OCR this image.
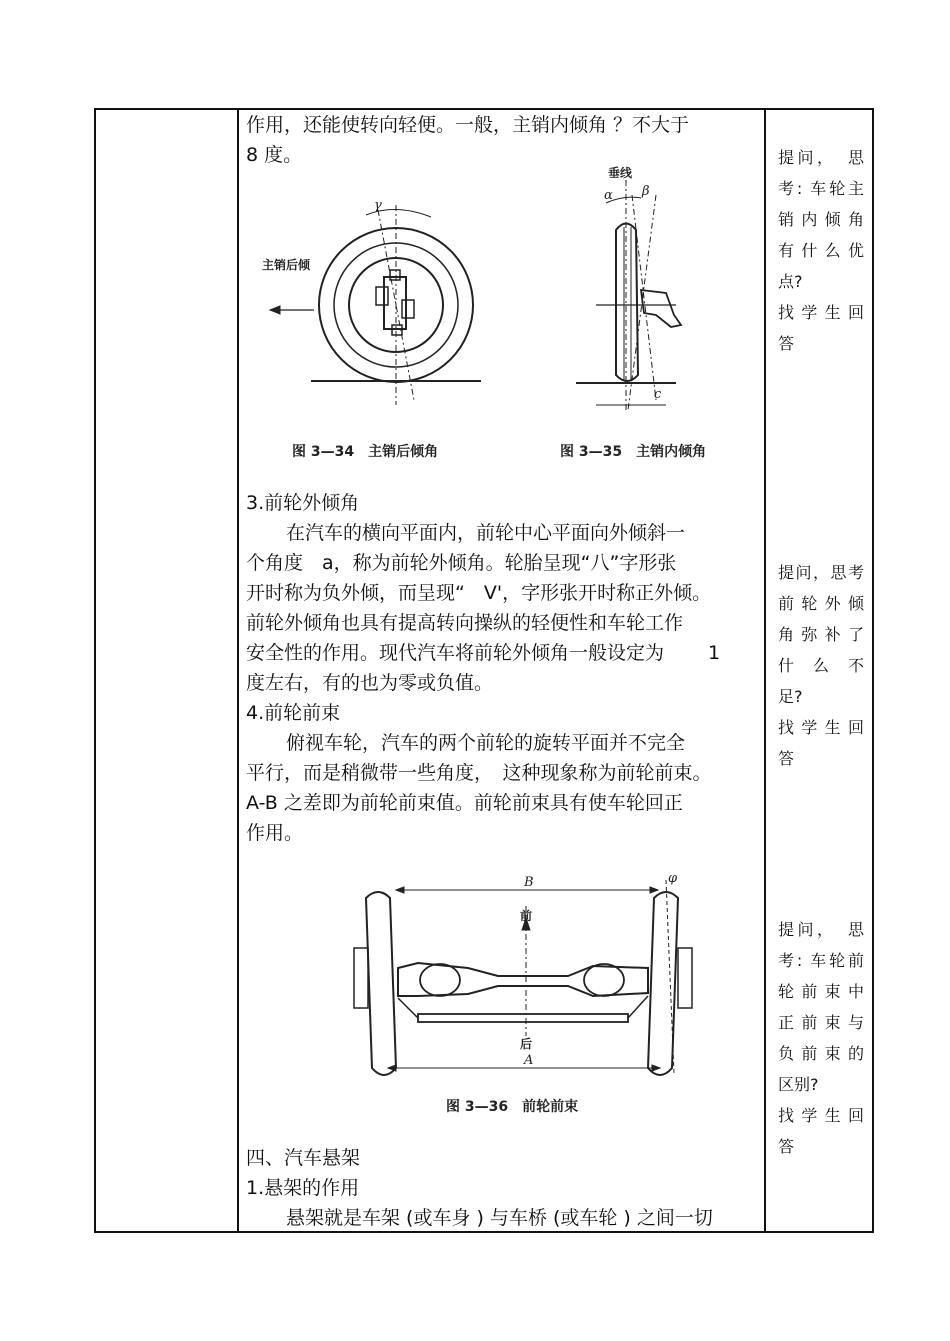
作用，还能使转向轻便。一般，主销内倾角 ？不大于

8 度。

主销后倾
γ
图 3—34　主销后倾角
垂线
α β
c
图 3—35　主销内倾角

3.前轮外倾角

在汽车的横向平面内，前轮中心平面向外倾斜一

个角度　a，称为前轮外倾角。轮胎呈现“八”字形张

开时称为负外倾，而呈现“　V'，字形张开时称正外倾。

前轮外倾角也具有提高转向操纵的轻便性和车轮工作

安全性的作用。现代汽车将前轮外倾角一般设定为　　 1

度左右，有的也为零或负值。

4.前轮前束

俯视车轮，汽车的两个前轮的旋转平面并不完全

平行，而是稍微带一些角度，　这种现象称为前轮前束。

A-B 之差即为前轮前束值。前轮前束具有使车轮回正

作用。

B
A
φ
前
后
图 3—36　前轮前束

四、汽车悬架

1.悬架的作用

悬架就是车架 (或车身 ) 与车桥 (或车轮 ) 之间一切

提问，　思
考: 车轮主
销内倾角
有什么优
点?
找学生回
答
提问，思考
前轮外倾
角弥补了
什　么　不
足?
找学生回
答
提问，　思
考: 车轮前
轮前束中
正前束与
负前束的
区别?
找学生回
答
